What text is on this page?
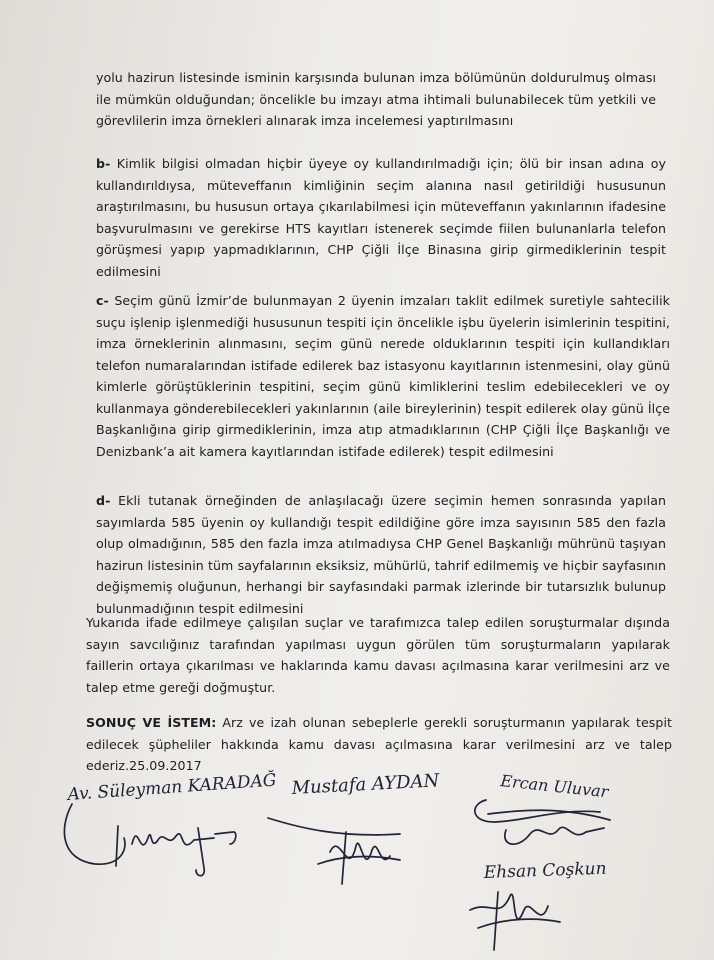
yolu hazirun listesinde isminin karşısında bulunan imza bölümünün doldurulmuş olması ile mümkün olduğundan; öncelikle bu imzayı atma ihtimali bulunabilecek tüm yetkili ve görevlilerin imza örnekleri alınarak imza incelemesi yaptırılmasını
b- Kimlik bilgisi olmadan hiçbir üyeye oy kullandırılmadığı için; ölü bir insan adına oy kullandırıldıysa, müteveffanın kimliğinin seçim alanına nasıl getirildiği hususunun araştırılmasını, bu hususun ortaya çıkarılabilmesi için müteveffanın yakınlarının ifadesine başvurulmasını ve gerekirse HTS kayıtları istenerek seçimde fiilen bulunanlarla telefon görüşmesi yapıp yapmadıklarının, CHP Çiğli İlçe Binasına girip girmediklerinin tespit edilmesini
c- Seçim günü İzmir’de bulunmayan 2 üyenin imzaları taklit edilmek suretiyle sahtecilik suçu işlenip işlenmediği hususunun tespiti için öncelikle işbu üyelerin isimlerinin tespitini, imza örneklerinin alınmasını, seçim günü nerede olduklarının tespiti için kullandıkları telefon numaralarından istifade edilerek baz istasyonu kayıtlarının istenmesini, olay günü kimlerle görüştüklerinin tespitini, seçim günü kimliklerini teslim edebilecekleri ve oy kullanmaya gönderebilecekleri yakınlarının (aile bireylerinin) tespit edilerek olay günü İlçe Başkanlığına girip girmediklerinin, imza atıp atmadıklarının (CHP Çiğli İlçe Başkanlığı ve Denizbank’a ait kamera kayıtlarından istifade edilerek) tespit edilmesini
d- Ekli tutanak örneğinden de anlaşılacağı üzere seçimin hemen sonrasında yapılan sayımlarda 585 üyenin oy kullandığı tespit edildiğine göre imza sayısının 585 den fazla olup olmadığının, 585 den fazla imza atılmadıysa CHP Genel Başkanlığı mührünü taşıyan hazirun listesinin tüm sayfalarının eksiksiz, mühürlü, tahrif edilmemiş ve hiçbir sayfasının değişmemiş oluğunun, herhangi bir sayfasındaki parmak izlerinde bir tutarsızlık bulunup bulunmadığının tespit edilmesini
Yukarıda ifade edilmeye çalışılan suçlar ve tarafımızca talep edilen soruşturmalar dışında sayın savcılığınız tarafından yapılması uygun görülen tüm soruşturmaların yapılarak faillerin ortaya çıkarılması ve haklarında kamu davası açılmasına karar verilmesini arz ve talep etme gereği doğmuştur.
SONUÇ VE İSTEM: Arz ve izah olunan sebeplerle gerekli soruşturmanın yapılarak tespit edilecek şüpheliler hakkında kamu davası açılmasına karar verilmesini arz ve talep ederiz.25.09.2017
Av. Süleyman KARADAĞ Mustafa AYDAN	Ercan Uluvar
Ehsan Coşkun
